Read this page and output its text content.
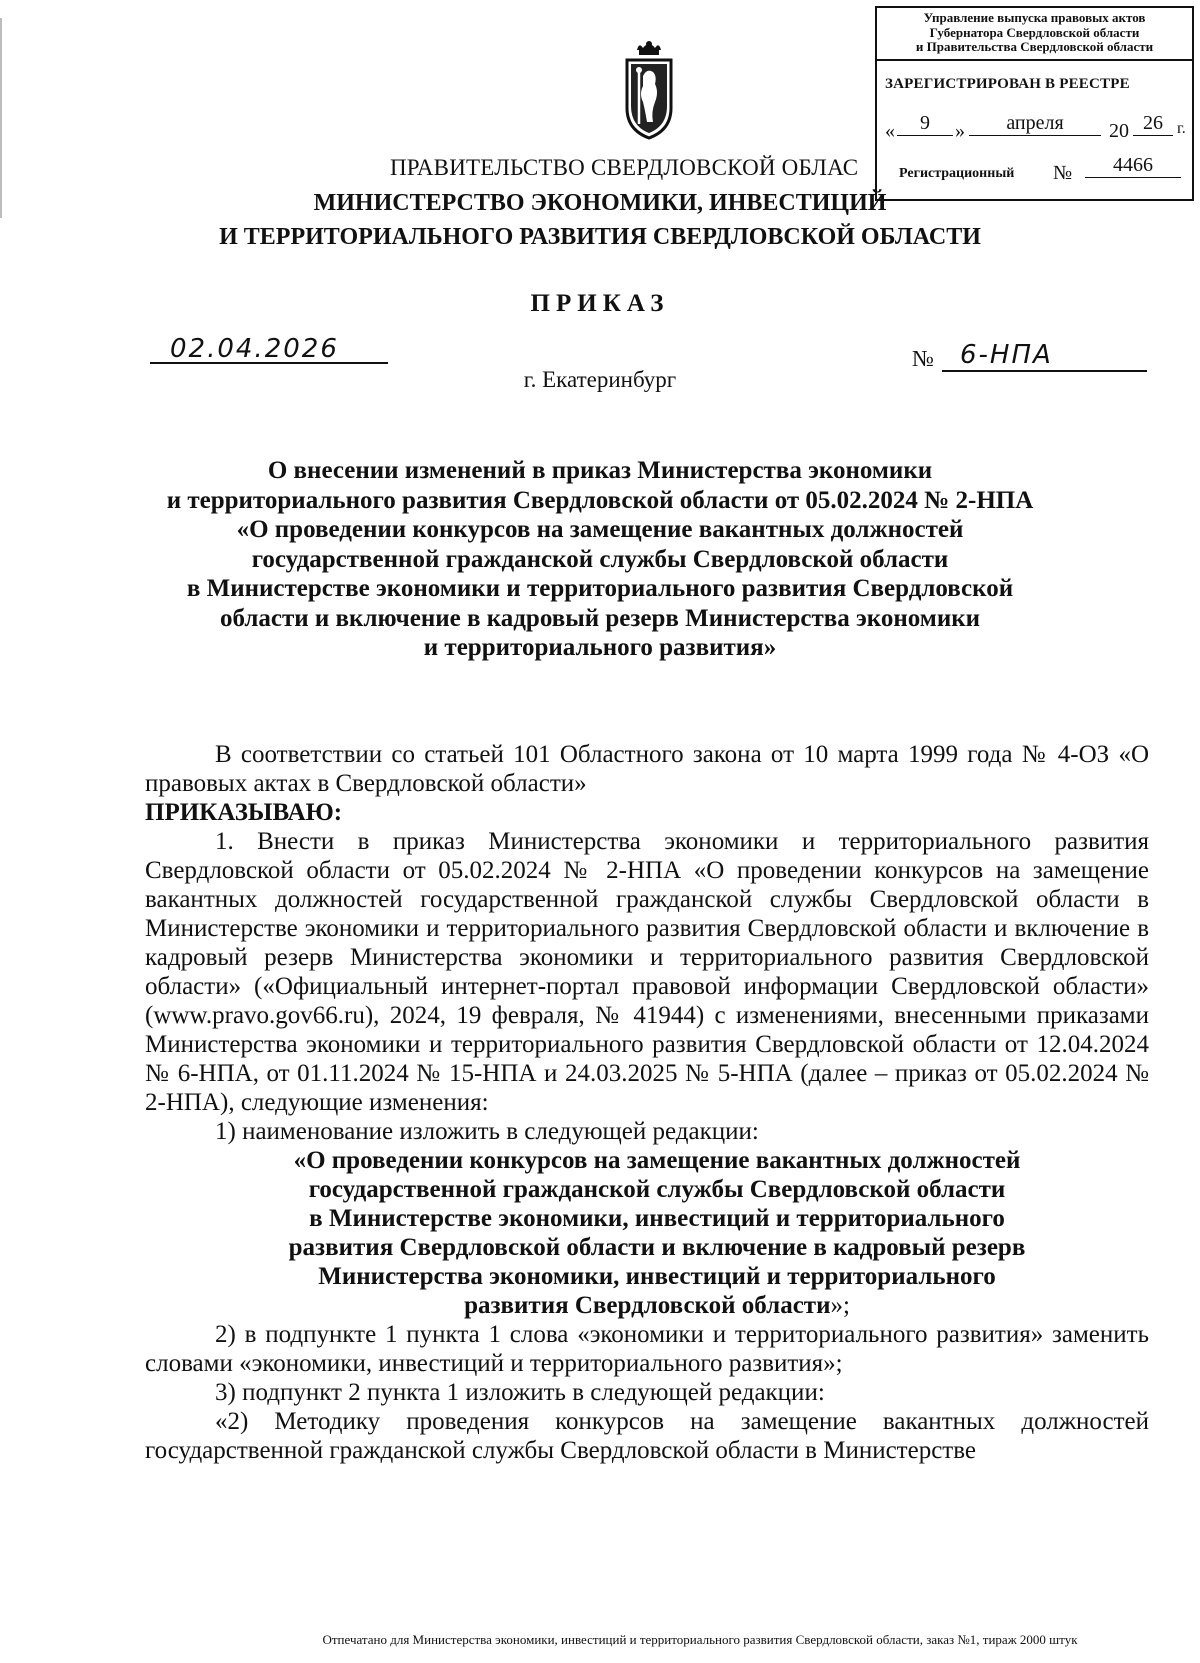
Управление выпуска правовых актов
Губернатора Свердловской области
и Правительства Свердловской области
ЗАРЕГИСТРИРОВАН В РЕЕСТРЕ
«	9	»	апреля	20 26 г.
Регистрационный №	4466
ПРАВИТЕЛЬСТВО СВЕРДЛОВСКОЙ ОБЛАС
МИНИСТЕРСТВО ЭКОНОМИКИ, ИНВЕСТИЦИЙ
И ТЕРРИТОРИАЛЬНОГО РАЗВИТИЯ СВЕРДЛОВСКОЙ ОБЛАСТИ
ПРИКАЗ
02.04.2026	№ 6-НПА
г. Екатеринбург
О внесении изменений в приказ Министерства экономики
и территориального развития Свердловской области от 05.02.2024 № 2-НПА
«О проведении конкурсов на замещение вакантных должностей
государственной гражданской службы Свердловской области
в Министерстве экономики и территориального развития Свердловской
области и включение в кадровый резерв Министерства экономики
и территориального развития»

В соответствии со статьей 101 Областного закона от 10 марта 1999 года № 4-ОЗ «О правовых актах в Свердловской области»

ПРИКАЗЫВАЮ:

1. Внести в приказ Министерства экономики и территориального развития Свердловской области от 05.02.2024 № 2-НПА «О проведении конкурсов на замещение вакантных должностей государственной гражданской службы Свердловской области в Министерстве экономики и территориального развития Свердловской области и включение в кадровый резерв Министерства экономики и территориального развития Свердловской области» («Официальный интернет-портал правовой информации Свердловской области» (www.pravo.gov66.ru), 2024, 19 февраля, № 41944) с изменениями, внесенными приказами Министерства экономики и территориального развития Свердловской области от 12.04.2024 № 6-НПА, от 01.11.2024 № 15-НПА и 24.03.2025 № 5-НПА (далее – приказ от 05.02.2024 № 2-НПА), следующие изменения:

1) наименование изложить в следующей редакции:

«О проведении конкурсов на замещение вакантных должностей
государственной гражданской службы Свердловской области
в Министерстве экономики, инвестиций и территориального
развития Свердловской области и включение в кадровый резерв
Министерства экономики, инвестиций и территориального
развития Свердловской области»;

2) в подпункте 1 пункта 1 слова «экономики и территориального развития» заменить словами «экономики, инвестиций и территориального развития»;

3) подпункт 2 пункта 1 изложить в следующей редакции:

«2) Методику проведения конкурсов на замещение вакантных должностей государственной гражданской службы Свердловской области в Министерстве

Отпечатано для Министерства экономики, инвестиций и территориального развития Свердловской области, заказ №1, тираж 2000 штук
